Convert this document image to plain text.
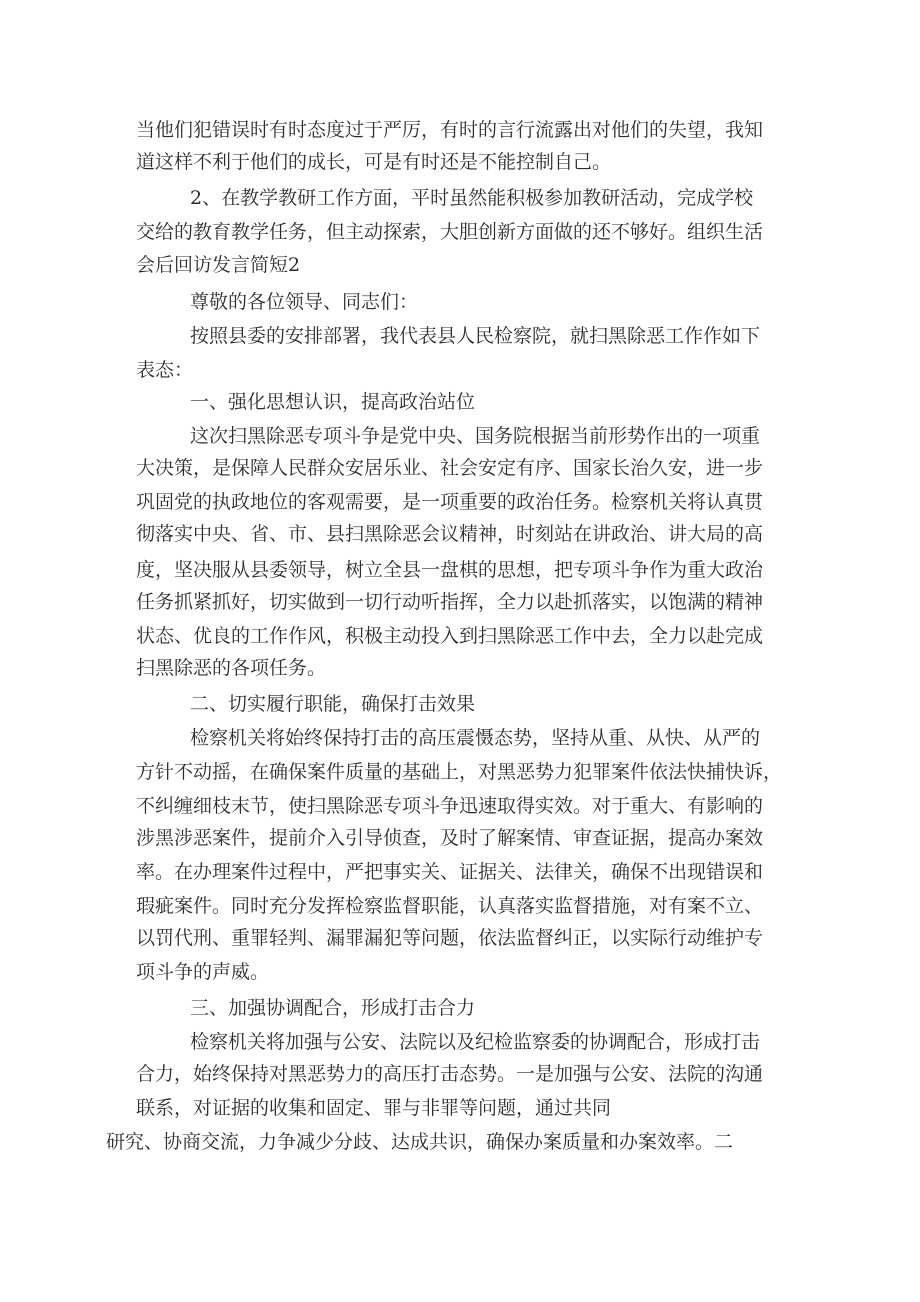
当他们犯错误时有时态度过于严厉，有时的言行流露出对他们的失望，我知
道这样不利于他们的成长，可是有时还是不能控制自己。
2、在教学教研工作方面，平时虽然能积极参加教研活动，完成学校
交给的教育教学任务，但主动探索，大胆创新方面做的还不够好。组织生活
会后回访发言简短2
尊敬的各位领导、同志们：
按照县委的安排部署，我代表县人民检察院，就扫黑除恶工作作如下
表态：
一、强化思想认识，提高政治站位
这次扫黑除恶专项斗争是党中央、国务院根据当前形势作出的一项重
大决策，是保障人民群众安居乐业、社会安定有序、国家长治久安，进一步
巩固党的执政地位的客观需要，是一项重要的政治任务。检察机关将认真贯
彻落实中央、省、市、县扫黑除恶会议精神，时刻站在讲政治、讲大局的高
度，坚决服从县委领导，树立全县一盘棋的思想，把专项斗争作为重大政治
任务抓紧抓好，切实做到一切行动听指挥，全力以赴抓落实，以饱满的精神
状态、优良的工作作风，积极主动投入到扫黑除恶工作中去，全力以赴完成
扫黑除恶的各项任务。
二、切实履行职能，确保打击效果
检察机关将始终保持打击的高压震慑态势，坚持从重、从快、从严的
方针不动摇，在确保案件质量的基础上，对黑恶势力犯罪案件依法快捕快诉，
不纠缠细枝末节，使扫黑除恶专项斗争迅速取得实效。对于重大、有影响的
涉黑涉恶案件，提前介入引导侦查，及时了解案情、审查证据，提高办案效
率。在办理案件过程中，严把事实关、证据关、法律关，确保不出现错误和
瑕疵案件。同时充分发挥检察监督职能，认真落实监督措施，对有案不立、
以罚代刑、重罪轻判、漏罪漏犯等问题，依法监督纠正，以实际行动维护专
项斗争的声威。
三、加强协调配合，形成打击合力
检察机关将加强与公安、法院以及纪检监察委的协调配合，形成打击
合力，始终保持对黑恶势力的高压打击态势。一是加强与公安、法院的沟通
联系，对证据的收集和固定、罪与非罪等问题，通过共同
研究、协商交流，力争减少分歧、达成共识，确保办案质量和办案效率。二
